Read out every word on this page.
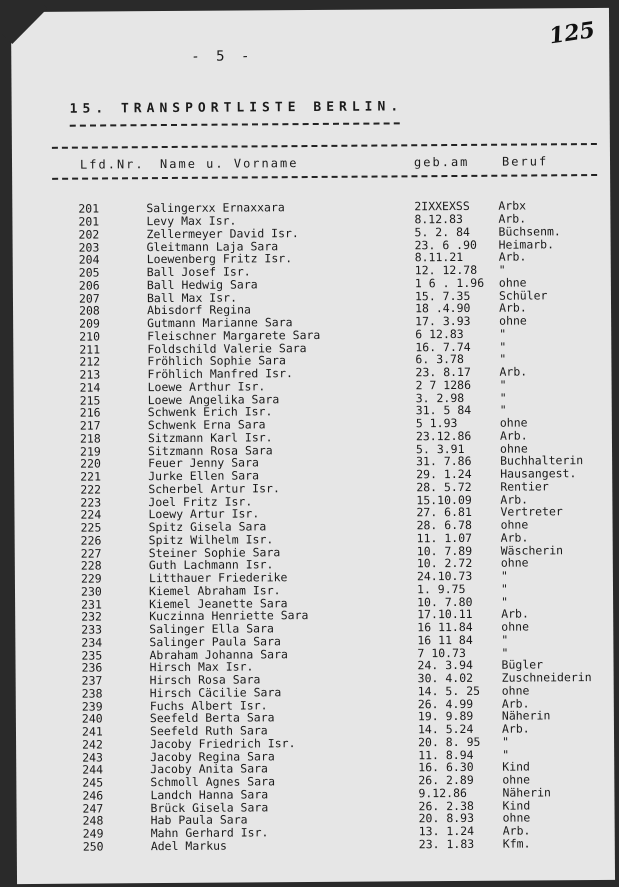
125
- 5 -
15. TRANSPORTLISTE BERLIN.
Lfd.Nr. Name u. Vorname	geb.am	Beruf
201	Salingerxx Ernaxxara	2IXXEXSS Arbx
201	Levy Max Isr.	8.12.83	Arb.
202	Zellermeyer David Isr.	5. 2. 84 Büchsenm.
203	Gleitmann Laja Sara	23. 6 .90 Heimarb.
204	Loewenberg Fritz Isr.	8.11.21	Arb.
205	Ball Josef Isr.	12. 12.78 "
206	Ball Hedwig Sara	1 6 . 1.96 ohne
207	Ball Max Isr.	15. 7.35 Schüler
208	Abisdorf Regina	18 .4.90 Arb.
209	Gutmann Marianne Sara	17. 3.93 ohne
210	Fleischner Margarete Sara	6 12.83	"
211	Foldschild Valerie Sara	16. 7.74 "
212	Fröhlich Sophie Sara	6. 3.78	"
213	Fröhlich Manfred Isr.	23. 8.17 Arb.
214	Loewe Arthur Isr.	2 7 1286 "
215	Loewe Angelika Sara	3. 2.98	"
216	Schwenk Erich Isr.	31. 5 84 "
217	Schwenk Erna Sara	5 1.93	ohne
218	Sitzmann Karl Isr.	23.12.86 Arb.
219	Sitzmann Rosa Sara	5. 3.91	ohne
220	Feuer Jenny Sara	31. 7.86 Buchhalterin
221	Jurke Ellen Sara	29. 1.24 Hausangest.
222	Scherbel Artur Isr.	28. 5.72 Rentier
223	Joel Fritz Isr.	15.10.09 Arb.
224	Loewy Artur Isr.	27. 6.81 Vertreter
225	Spitz Gisela Sara	28. 6.78 ohne
226	Spitz Wilhelm Isr.	11. 1.07 Arb.
227	Steiner Sophie Sara	10. 7.89 Wäscherin
228	Guth Lachmann Isr.	10. 2.72 ohne
229	Litthauer Friederike	24.10.73 "
230	Kiemel Abraham Isr.	1. 9.75	"
231	Kiemel Jeanette Sara	10. 7.80 "
232	Kuczinna Henriette Sara	17.10.11 Arb.
233	Salinger Ella Sara	16 11.84 ohne
234	Salinger Paula Sara	16 11 84 "
235	Abraham Johanna Sara	7 10.73	"
236	Hirsch Max Isr.	24. 3.94 Bügler
237	Hirsch Rosa Sara	30. 4.02 Zuschneiderin
238	Hirsch Cäcilie Sara	14. 5. 25 ohne
239	Fuchs Albert Isr.	26. 4.99 Arb.
240	Seefeld Berta Sara	19. 9.89 Näherin
241	Seefeld Ruth Sara	14. 5.24 Arb.
242	Jacoby Friedrich Isr.	20. 8. 95 "
243	Jacoby Regina Sara	11. 8.94 "
244	Jacoby Anita Sara	16. 6.30 Kind
245	Schmoll Agnes Sara	26. 2.89 ohne
246	Landch Hanna Sara	9.12.86	Näherin
247	Brück Gisela Sara	26. 2.38 Kind
248	Hab Paula Sara	20. 8.93 ohne
249	Mahn Gerhard Isr.	13. 1.24 Arb.
250	Adel Markus	23. 1.83 Kfm.
